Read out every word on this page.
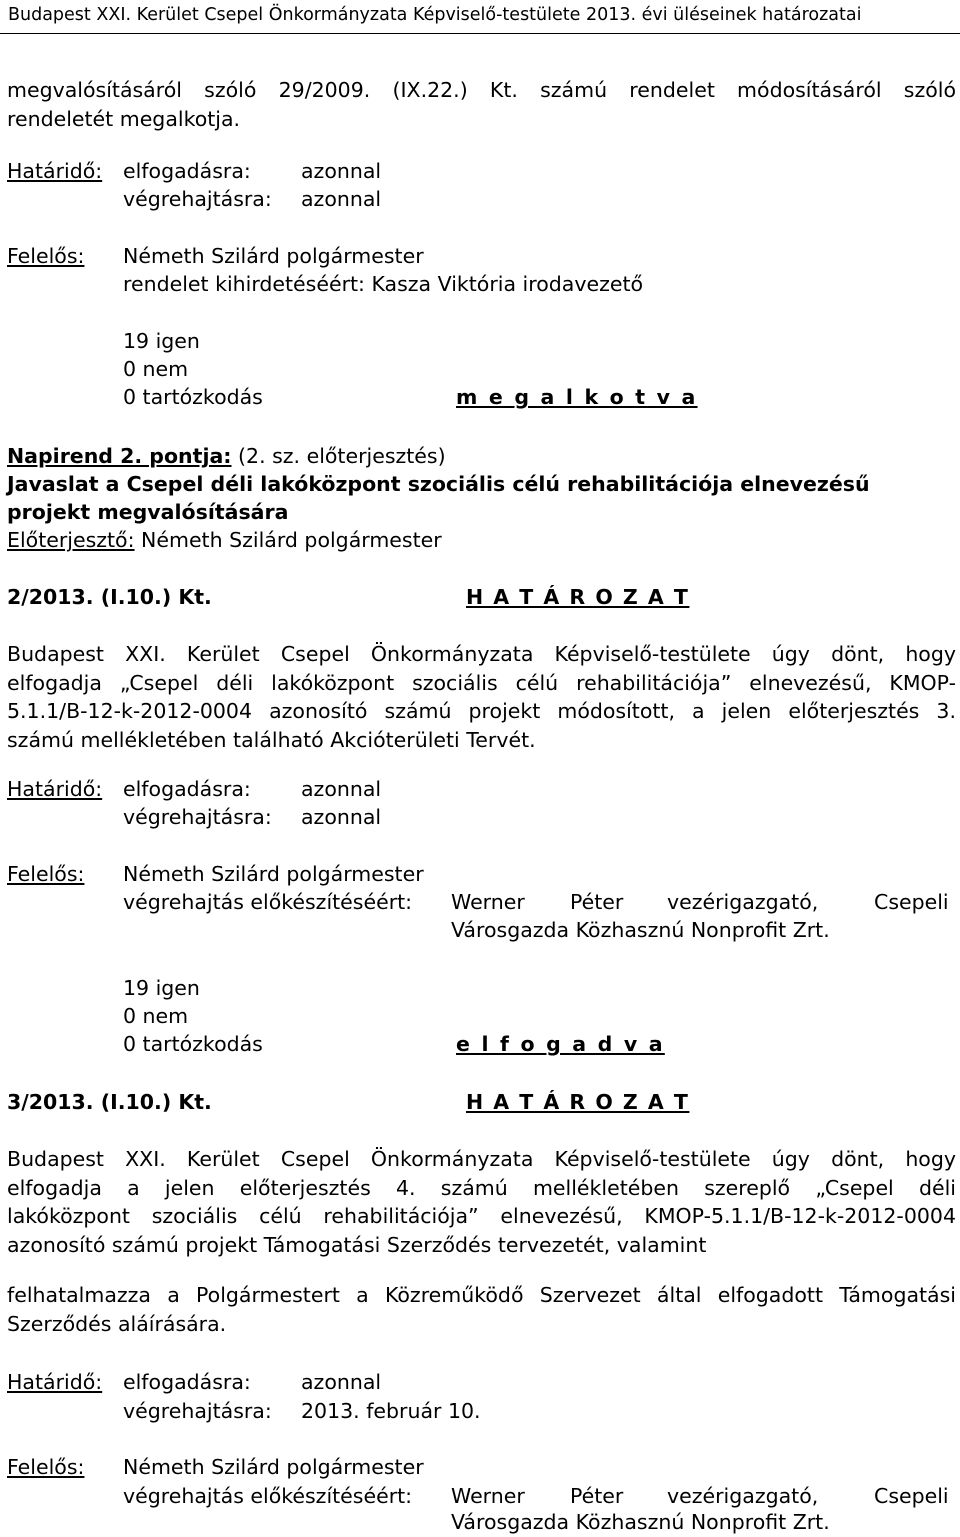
Budapest XXI. Kerület Csepel Önkormányzata Képviselő-testülete 2013. évi üléseinek határozatai
megvalósításáról szóló 29/2009. (IX.22.) Kt. számú rendelet módosításáról szóló
rendeletét megalkotja.
Határidő: elfogadásra: azonnal
végrehajtásra: azonnal
Felelős: Németh Szilárd polgármester
rendelet kihirdetéséért: Kasza Viktória irodavezető
19 igen
0 nem
0 tartózkodás	m e g a l k o t v a
Napirend 2. pontja: (2. sz. előterjesztés)
Javaslat a Csepel déli lakóközpont szociális célú rehabilitációja elnevezésű
projekt megvalósítására
Előterjesztő: Németh Szilárd polgármester
2/2013. (I.10.) Kt.	H A T Á R O Z A T
Budapest XXI. Kerület Csepel Önkormányzata Képviselő-testülete úgy dönt, hogy
elfogadja „Csepel déli lakóközpont szociális célú rehabilitációja” elnevezésű, KMOP-
5.1.1/B-12-k-2012-0004 azonosító számú projekt módosított, a jelen előterjesztés 3.
számú mellékletében található Akcióterületi Tervét.
Határidő: elfogadásra: azonnal
végrehajtásra: azonnal
Felelős: Németh Szilárd polgármester
végrehajtás előkészítéséért: Werner Péter vezérigazgató,	Csepeli
Városgazda Közhasznú Nonprofit Zrt.
19 igen
0 nem
0 tartózkodás	e l f o g a d v a
3/2013. (I.10.) Kt.	H A T Á R O Z A T
Budapest XXI. Kerület Csepel Önkormányzata Képviselő-testülete úgy dönt, hogy
elfogadja a jelen előterjesztés 4. számú mellékletében szereplő „Csepel déli
lakóközpont szociális célú rehabilitációja” elnevezésű, KMOP-5.1.1/B-12-k-2012-0004
azonosító számú projekt Támogatási Szerződés tervezetét, valamint
felhatalmazza a Polgármestert a Közreműködő Szervezet által elfogadott Támogatási
Szerződés aláírására.
Határidő: elfogadásra: azonnal
végrehajtásra: 2013. február 10.
Felelős: Németh Szilárd polgármester
végrehajtás előkészítéséért: Werner Péter vezérigazgató,	Csepeli
Városgazda Közhasznú Nonprofit Zrt.
